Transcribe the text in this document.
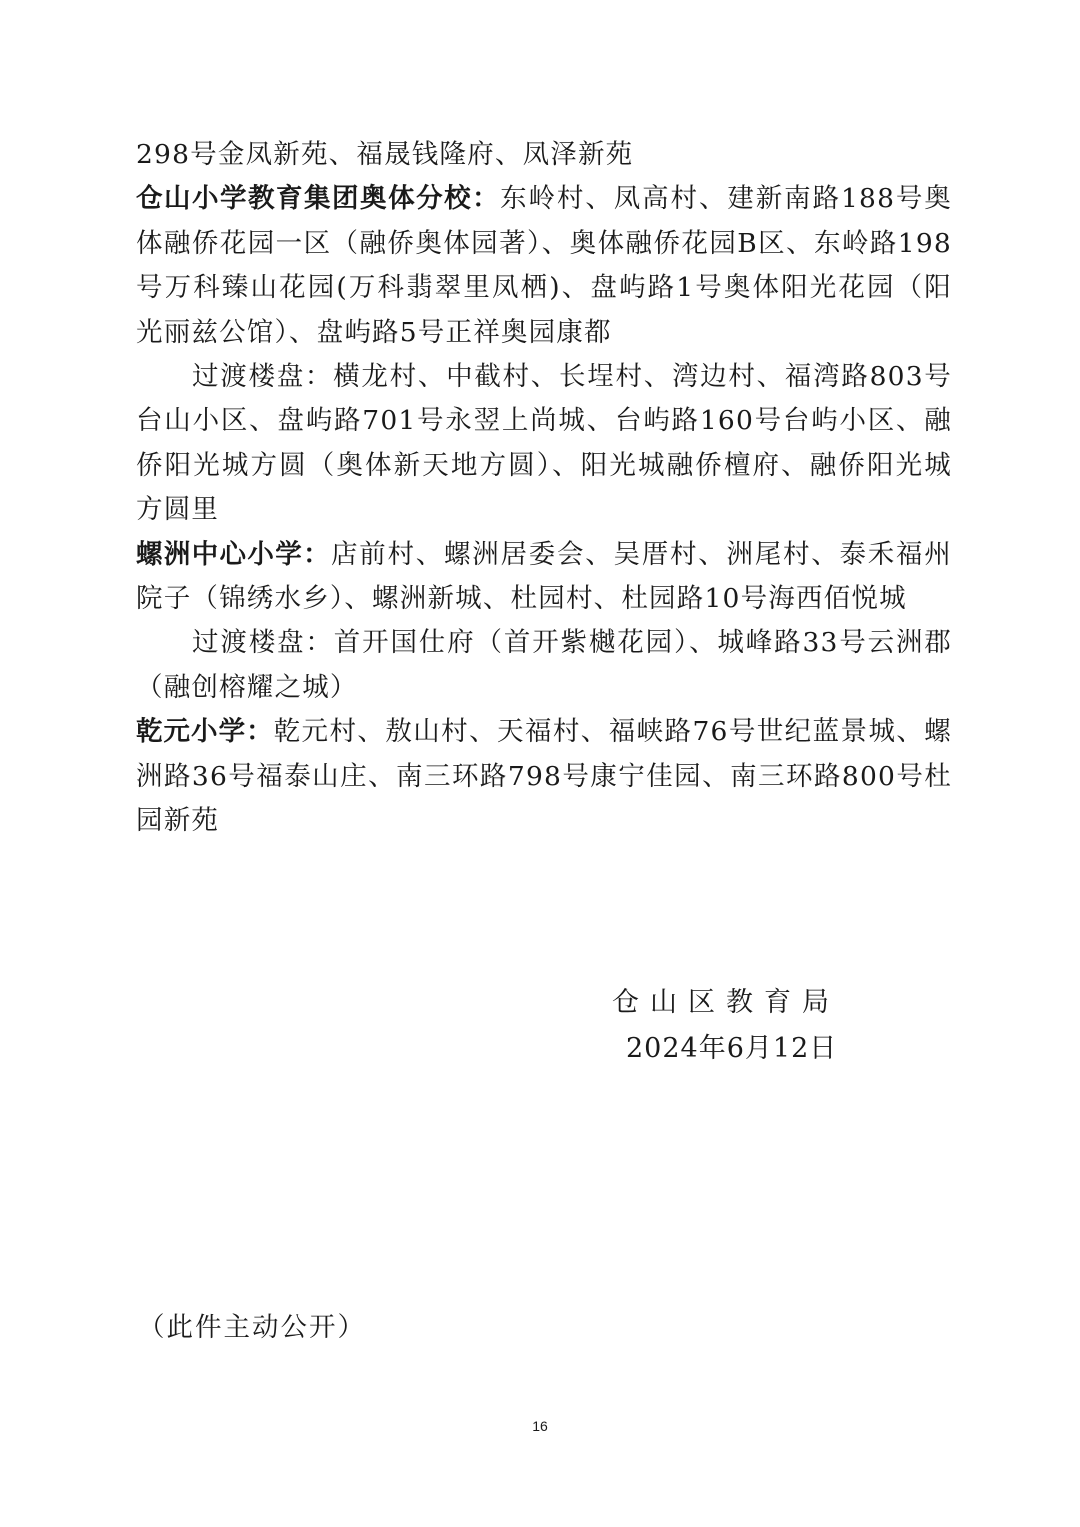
298号金凤新苑、福晟钱隆府、凤泽新苑

仓山小学教育集团奥体分校：东岭村、凤高村、建新南路188号奥体融侨花园一区（融侨奥体园著）、奥体融侨花园B区、东岭路198号万科臻山花园(万科翡翠里凤栖)、盘屿路1号奥体阳光花园（阳光丽兹公馆）、盘屿路5号正祥奥园康都

过渡楼盘：横龙村、中截村、长埕村、湾边村、福湾路803号台山小区、盘屿路701号永翌上尚城、台屿路160号台屿小区、融侨阳光城方圆（奥体新天地方圆）、阳光城融侨檀府、融侨阳光城方圆里

螺洲中心小学：店前村、螺洲居委会、吴厝村、洲尾村、泰禾福州院子（锦绣水乡）、螺洲新城、杜园村、杜园路10号海西佰悦城

过渡楼盘：首开国仕府（首开紫樾花园）、城峰路33号云洲郡（融创榕耀之城）

乾元小学：乾元村、敖山村、天福村、福峡路76号世纪蓝景城、螺洲路36号福泰山庄、南三环路798号康宁佳园、南三环路800号杜园新苑

仓山区教育局

2024年6月12日

（此件主动公开）

16
